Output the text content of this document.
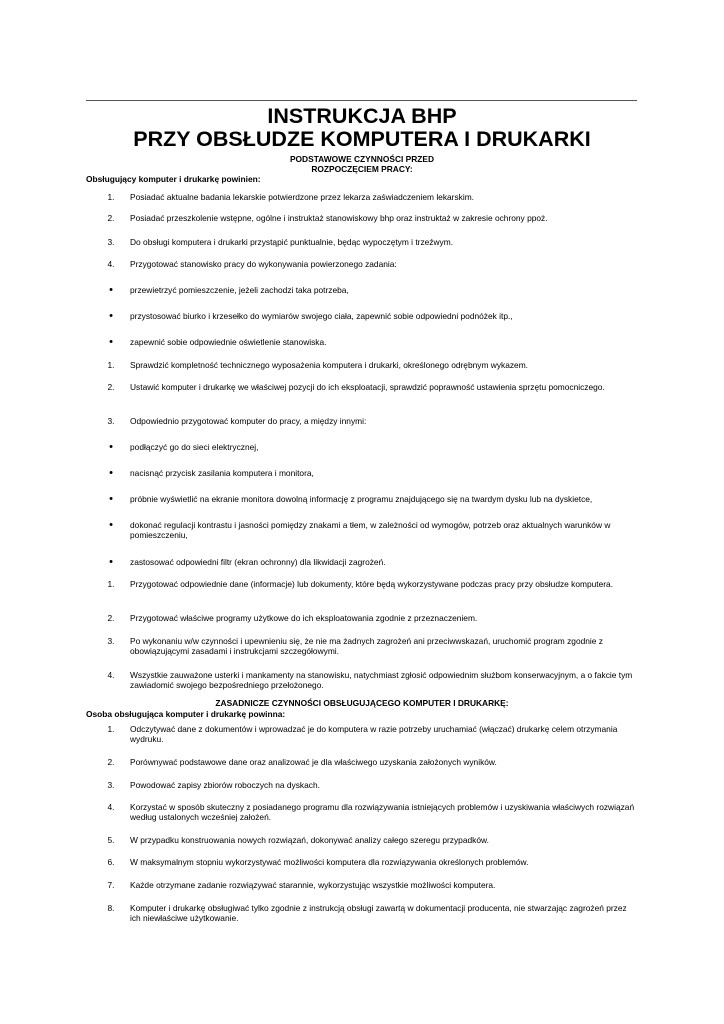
INSTRUKCJA BHP
PRZY OBSŁUDZE KOMPUTERA I DRUKARKI
PODSTAWOWE CZYNNOŚCI PRZED
ROZPOCZĘCIEM PRACY:
Obsługujący komputer i drukarkę powinien:
1.	Posiadać aktualne badania lekarskie potwierdzone przez lekarza zaświadczeniem lekarskim.
2.	Posiadać przeszkolenie wstępne, ogólne i instruktaż stanowiskowy bhp oraz instruktaż w zakresie ochrony ppoż.
3.	Do obsługi komputera i drukarki przystąpić punktualnie, będąc wypoczętym i trzeźwym.
4.	Przygotować stanowisko pracy do wykonywania powierzonego zadania:
•	przewietrzyć pomieszczenie, jeżeli zachodzi taka potrzeba,
•	przystosować biurko i krzesełko do wymiarów swojego ciała, zapewnić sobie odpowiedni podnóżek itp.,
•	zapewnić sobie odpowiednie oświetlenie stanowiska.
1.	Sprawdzić kompletność technicznego wyposażenia komputera i drukarki, określonego odrębnym wykazem.
2.	Ustawić komputer i drukarkę we właściwej pozycji do ich eksploatacji, sprawdzić poprawność ustawienia sprzętu pomocniczego.
3.	Odpowiednio przygotować komputer do pracy, a między innymi:
•	podłączyć go do sieci elektrycznej,
•	nacisnąć przycisk zasilania komputera i monitora,
•	próbnie wyświetlić na ekranie monitora dowolną informację z programu znajdującego się na twardym dysku lub na dyskietce,
•	dokonać regulacji kontrastu i jasności pomiędzy znakami a tłem, w zależności od wymogów, potrzeb oraz aktualnych warunków w pomieszczeniu,
•	zastosować odpowiedni filtr (ekran ochronny) dla likwidacji zagrożeń.
1.	Przygotować odpowiednie dane (informacje) lub dokumenty, które będą wykorzystywane podczas pracy przy obsłudze komputera.
2.	Przygotować właściwe programy użytkowe do ich eksploatowania zgodnie z przeznaczeniem.
3.	Po wykonaniu w/w czynności i upewnieniu się, że nie ma żadnych zagrożeń ani przeciwwskazań, uruchomić program zgodnie z obowiązującymi zasadami i instrukcjami szczegółowymi.
4.	Wszystkie zauważone usterki i mankamenty na stanowisku, natychmiast zgłosić odpowiednim służbom konserwacyjnym, a o fakcie tym zawiadomić swojego bezpośredniego przełożonego.
ZASADNICZE CZYNNOŚCI OBSŁUGUJĄCEGO KOMPUTER I DRUKARKĘ:
Osoba obsługująca komputer i drukarkę powinna:
1.	Odczytywać dane z dokumentów i wprowadzać je do komputera w razie potrzeby uruchamiać (włączać) drukarkę celem otrzymania wydruku.
2.	Porównywać podstawowe dane oraz analizować je dla właściwego uzyskania założonych wyników.
3.	Powodować zapisy zbiorów roboczych na dyskach.
4.	Korzystać w sposób skuteczny z posiadanego programu dla rozwiązywania istniejących problemów i uzyskiwania właściwych rozwiązań według ustalonych wcześniej założeń.
5.	W przypadku konstruowania nowych rozwiązań, dokonywać analizy całego szeregu przypadków.
6.	W maksymalnym stopniu wykorzystywać możliwości komputera dla rozwiązywania określonych problemów.
7.	Każde otrzymane zadanie rozwiązywać starannie, wykorzystując wszystkie możliwości komputera.
8.	Komputer i drukarkę obsługiwać tylko zgodnie z instrukcją obsługi zawartą w dokumentacji producenta, nie stwarzając zagrożeń przez ich niewłaściwe użytkowanie.
